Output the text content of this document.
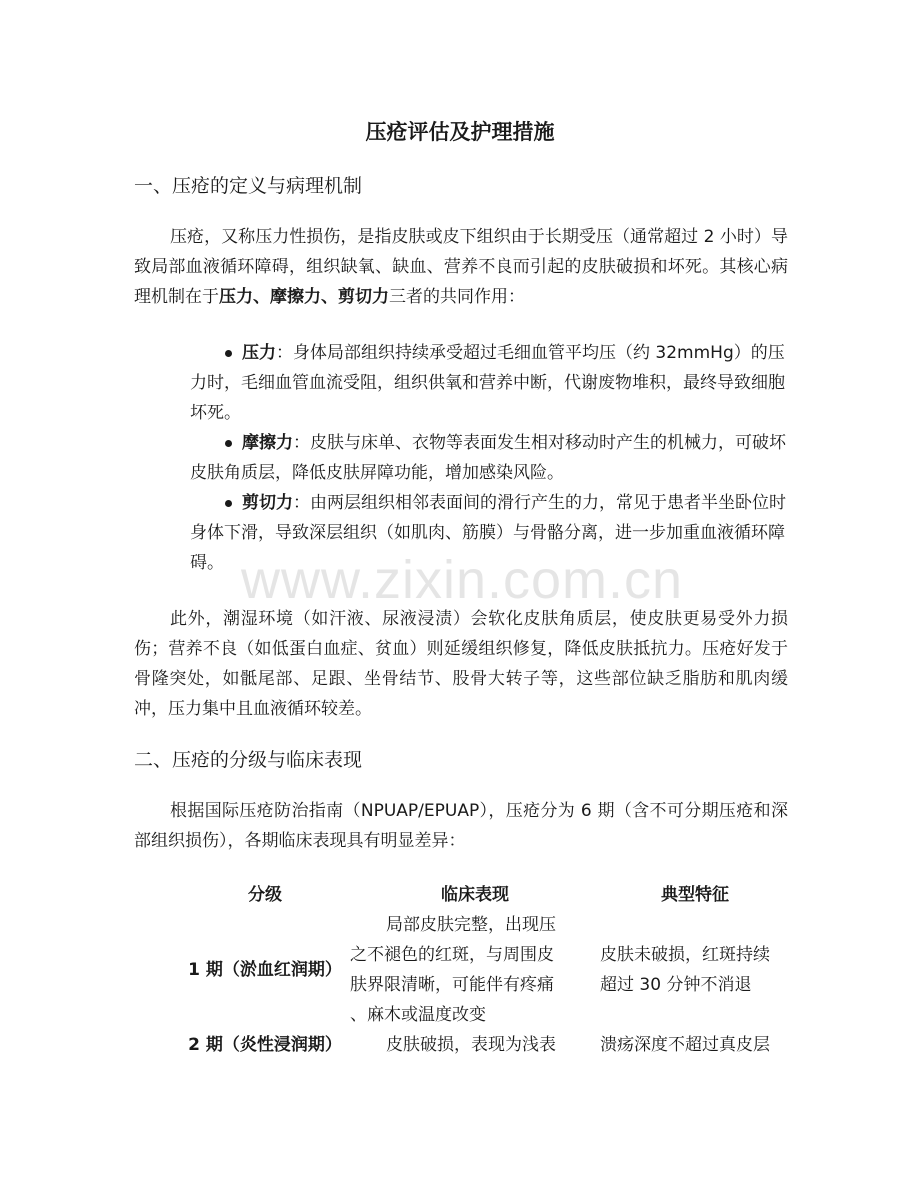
压疮评估及护理措施
一、压疮的定义与病理机制
压疮，又称压力性损伤，是指皮肤或皮下组织由于长期受压（通常超过 2 小时）导致局部血液循环障碍，组织缺氧、缺血、营养不良而引起的皮肤破损和坏死。其核心病理机制在于压力、摩擦力、剪切力三者的共同作用：
压力：身体局部组织持续承受超过毛细血管平均压（约 32mmHg）的压力时，毛细血管血流受阻，组织供氧和营养中断，代谢废物堆积，最终导致细胞坏死。
摩擦力：皮肤与床单、衣物等表面发生相对移动时产生的机械力，可破坏皮肤角质层，降低皮肤屏障功能，增加感染风险。
剪切力：由两层组织相邻表面间的滑行产生的力，常见于患者半坐卧位时身体下滑，导致深层组织（如肌肉、筋膜）与骨骼分离，进一步加重血液循环障碍。
此外，潮湿环境（如汗液、尿液浸渍）会软化皮肤角质层，使皮肤更易受外力损伤；营养不良（如低蛋白血症、贫血）则延缓组织修复，降低皮肤抵抗力。压疮好发于骨隆突处，如骶尾部、足跟、坐骨结节、股骨大转子等，这些部位缺乏脂肪和肌肉缓冲，压力集中且血液循环较差。
二、压疮的分级与临床表现
根据国际压疮防治指南（NPUAP/EPUAP），压疮分为 6 期（含不可分期压疮和深部组织损伤），各期临床表现具有明显差异：
分级	临床表现	典型特征
1 期（淤血红润期）	局部皮肤完整，出现压
之不褪色的红斑，与周围皮
肤界限清晰，可能伴有疼痛
、麻木或温度改变	皮肤未破损，红斑持续
超过 30 分钟不消退

2 期（炎性浸润期）	皮肤破损，表现为浅表	溃疡深度不超过真皮层
www.zixin.com.cn
